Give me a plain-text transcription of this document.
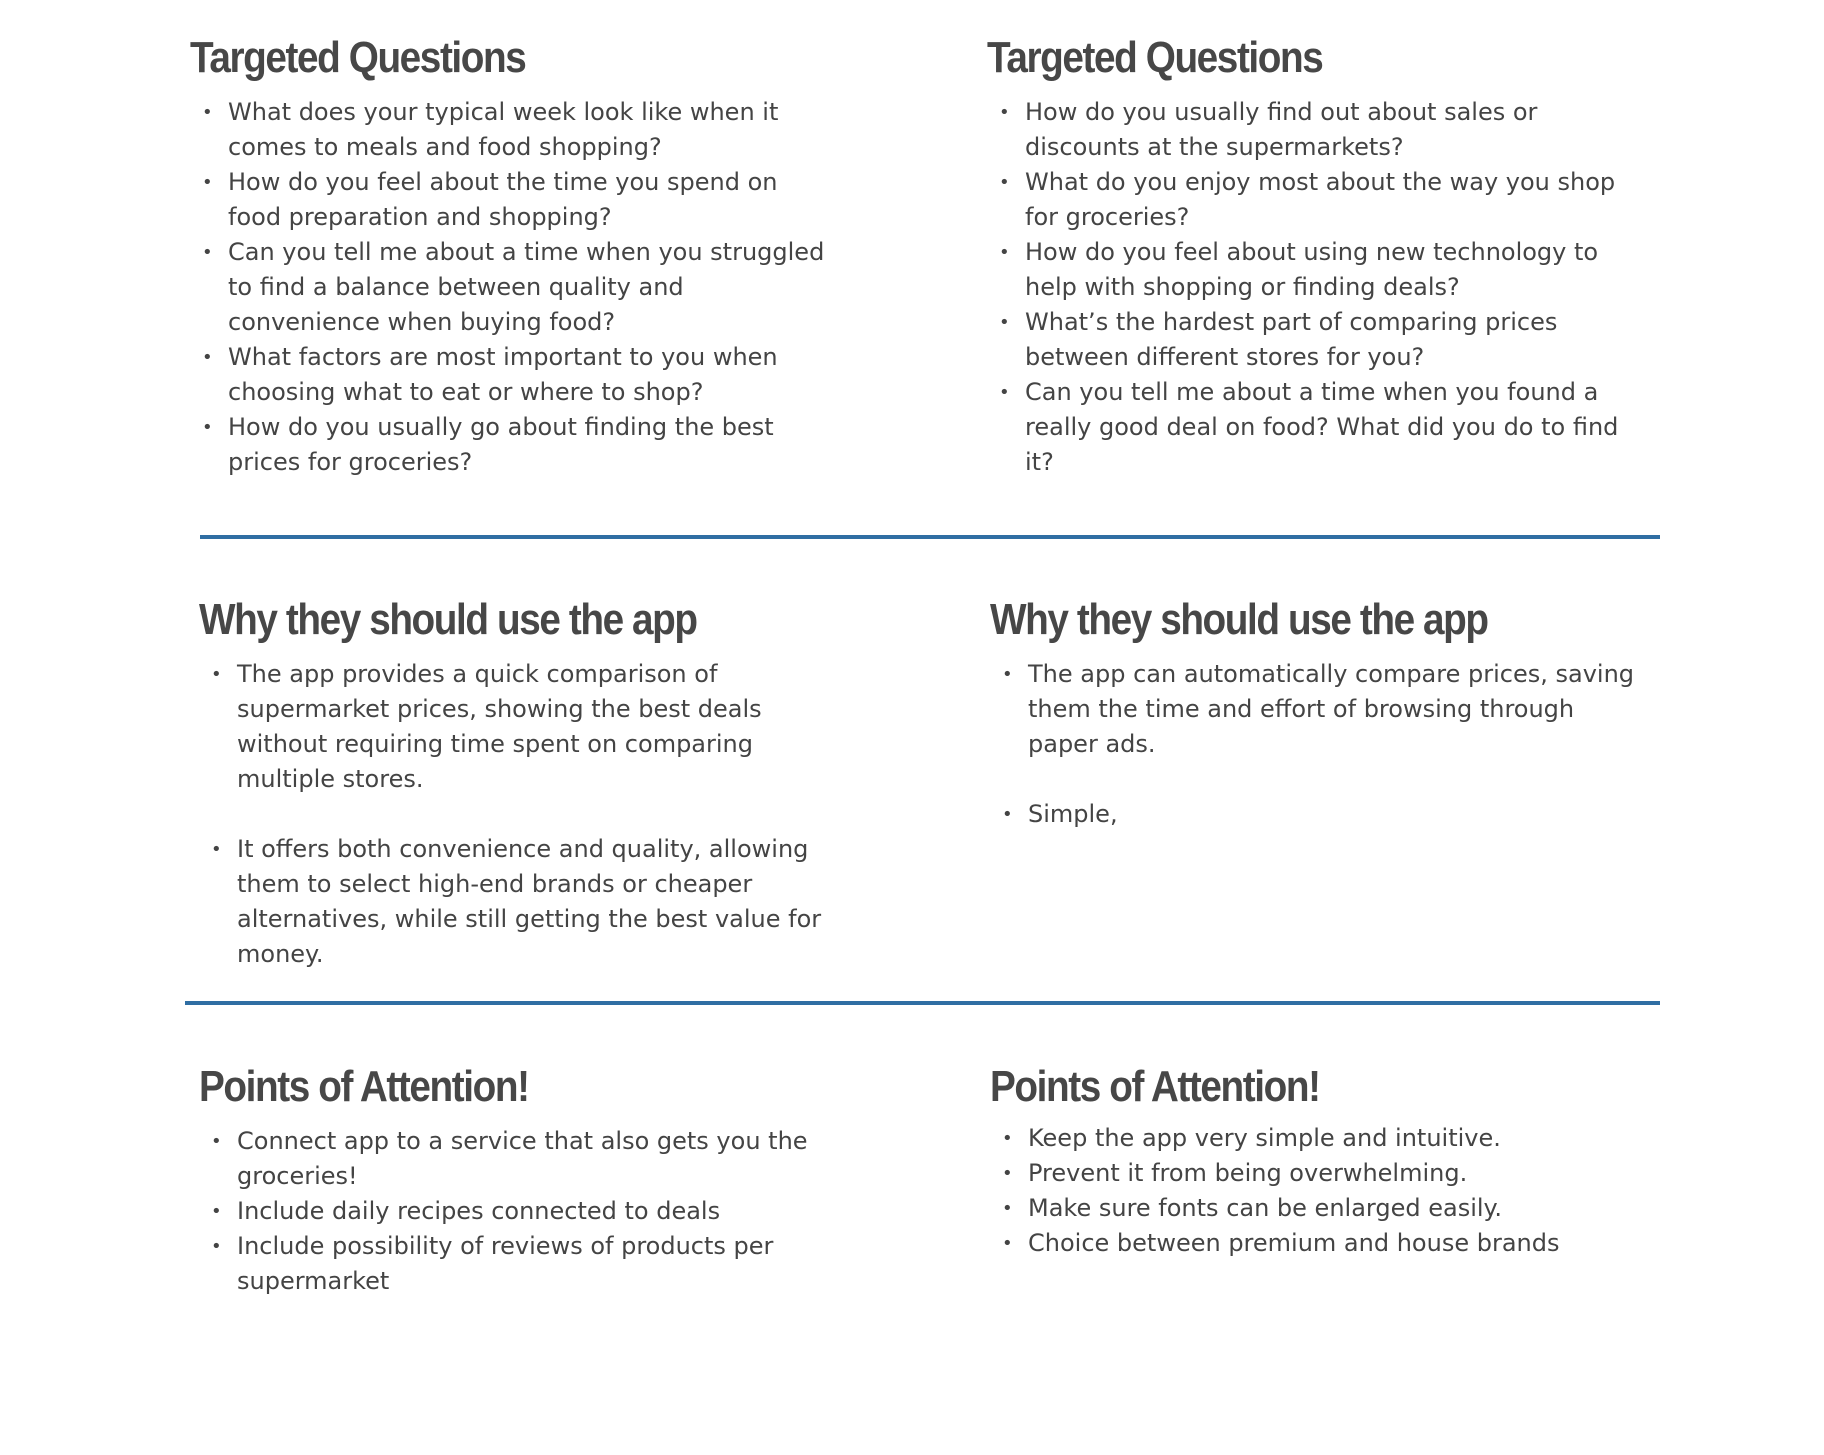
Targeted Questions
• What does your typical week look like when it comes to meals and food shopping?
• How do you feel about the time you spend on food preparation and shopping?
• Can you tell me about a time when you struggled to find a balance between quality and convenience when buying food?
• What factors are most important to you when choosing what to eat or where to shop?
• How do you usually go about finding the best prices for groceries?
Targeted Questions
• How do you usually find out about sales or discounts at the supermarkets?
• What do you enjoy most about the way you shop for groceries?
• How do you feel about using new technology to help with shopping or finding deals?
• What’s the hardest part of comparing prices between different stores for you?
• Can you tell me about a time when you found a really good deal on food? What did you do to find it?
Why they should use the app
• The app provides a quick comparison of supermarket prices, showing the best deals without requiring time spent on comparing multiple stores.
• It offers both convenience and quality, allowing them to select high-end brands or cheaper alternatives, while still getting the best value for money.
Why they should use the app
• The app can automatically compare prices, saving them the time and effort of browsing through paper ads.
• Simple,
Points of Attention!
• Connect app to a service that also gets you the groceries!
• Include daily recipes connected to deals
• Include possibility of reviews of products per supermarket
Points of Attention!
• Keep the app very simple and intuitive.
• Prevent it from being overwhelming.
• Make sure fonts can be enlarged easily.
• Choice between premium and house brands
